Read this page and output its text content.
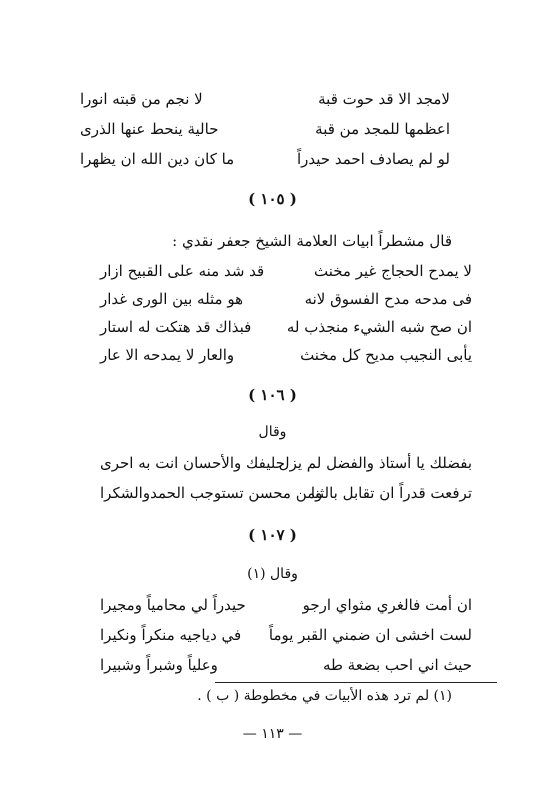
لامجد الا قد حوت قبة
لا نجم من قبته انورا
اعظمها للمجد من قبة
حالية ينحط عنها الذرى
لو لم يصادف احمد حيدراً
ما كان دين الله ان يظهرا
( ١٠٥ )
قال مشطراً ابيات العلامة الشيخ جعفر نقدي :
لا يمدح الحجاج غير مخنث
قد شد منه على القبيح ازار
فى مدحه مدح الفسوق لانه
هو مثله بين الورى غدار
ان صح شبه الشيء منجذب له
فبذاك قد هتكت له استار
يأبى النجيب مديح كل مخنث
والعار لا يمدحه الا عار
( ١٠٦ )
وقال
بفضلك يا أستاذ والفضل لم يزل
حليفك والأحسان انت به احرى
ترفعت قدراً ان تقابل بالثنا
ومن محسن تستوجب الحمدوالشكرا
( ١٠٧ )
وقال (١)
ان أمت فالغري مثواي ارجو
حيدراً لي محامياً ومجيرا
لست اخشى ان ضمني القبر يوماً
في دياجيه منكراً ونكيرا
حيث اني احب بضعة طه
وعلياً وشبراً وشبيرا
(١) لم ترد هذه الأبيات في مخطوطة ( ب ) .
— ١١٣ —
